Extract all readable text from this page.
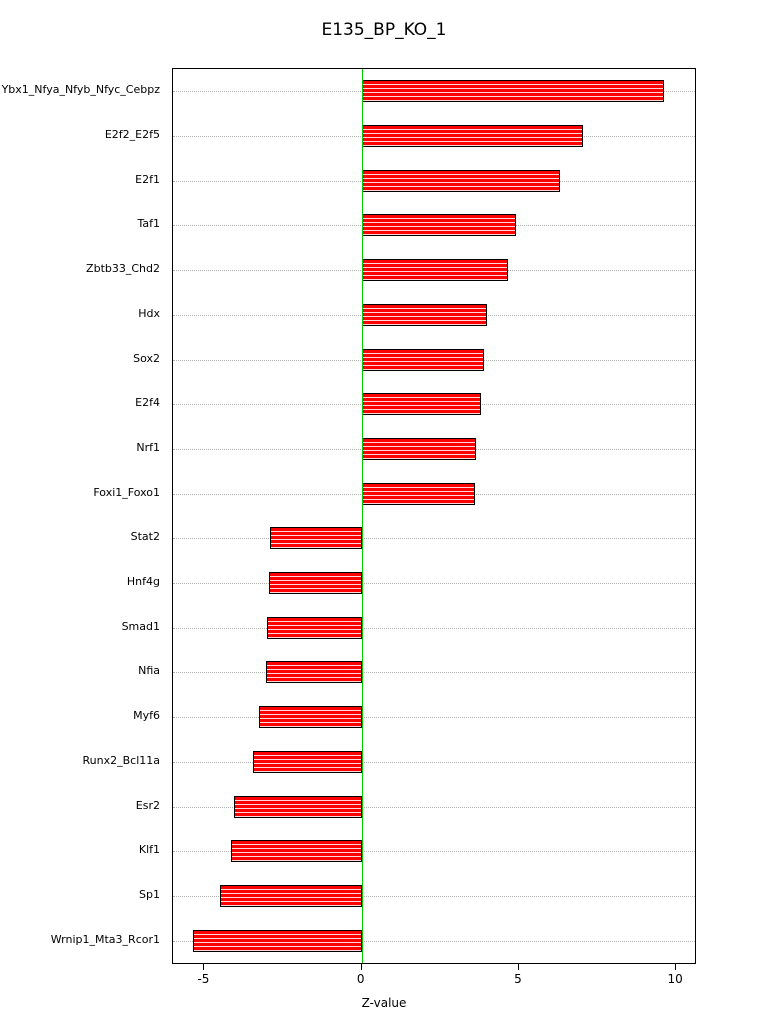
E135_BP_KO_1
Ybx1_Nfya_Nfyb_Nfyc_Cebpz
E2f2_E2f5
E2f1
Taf1
Zbtb33_Chd2
Hdx
Sox2
E2f4
Nrf1
Foxi1_Foxo1
Stat2
Hnf4g
Smad1
Nfia
Myf6
Runx2_Bcl11a
Esr2
Klf1
Sp1
Wrnip1_Mta3_Rcor1
-5	0	5	10
Z-value
